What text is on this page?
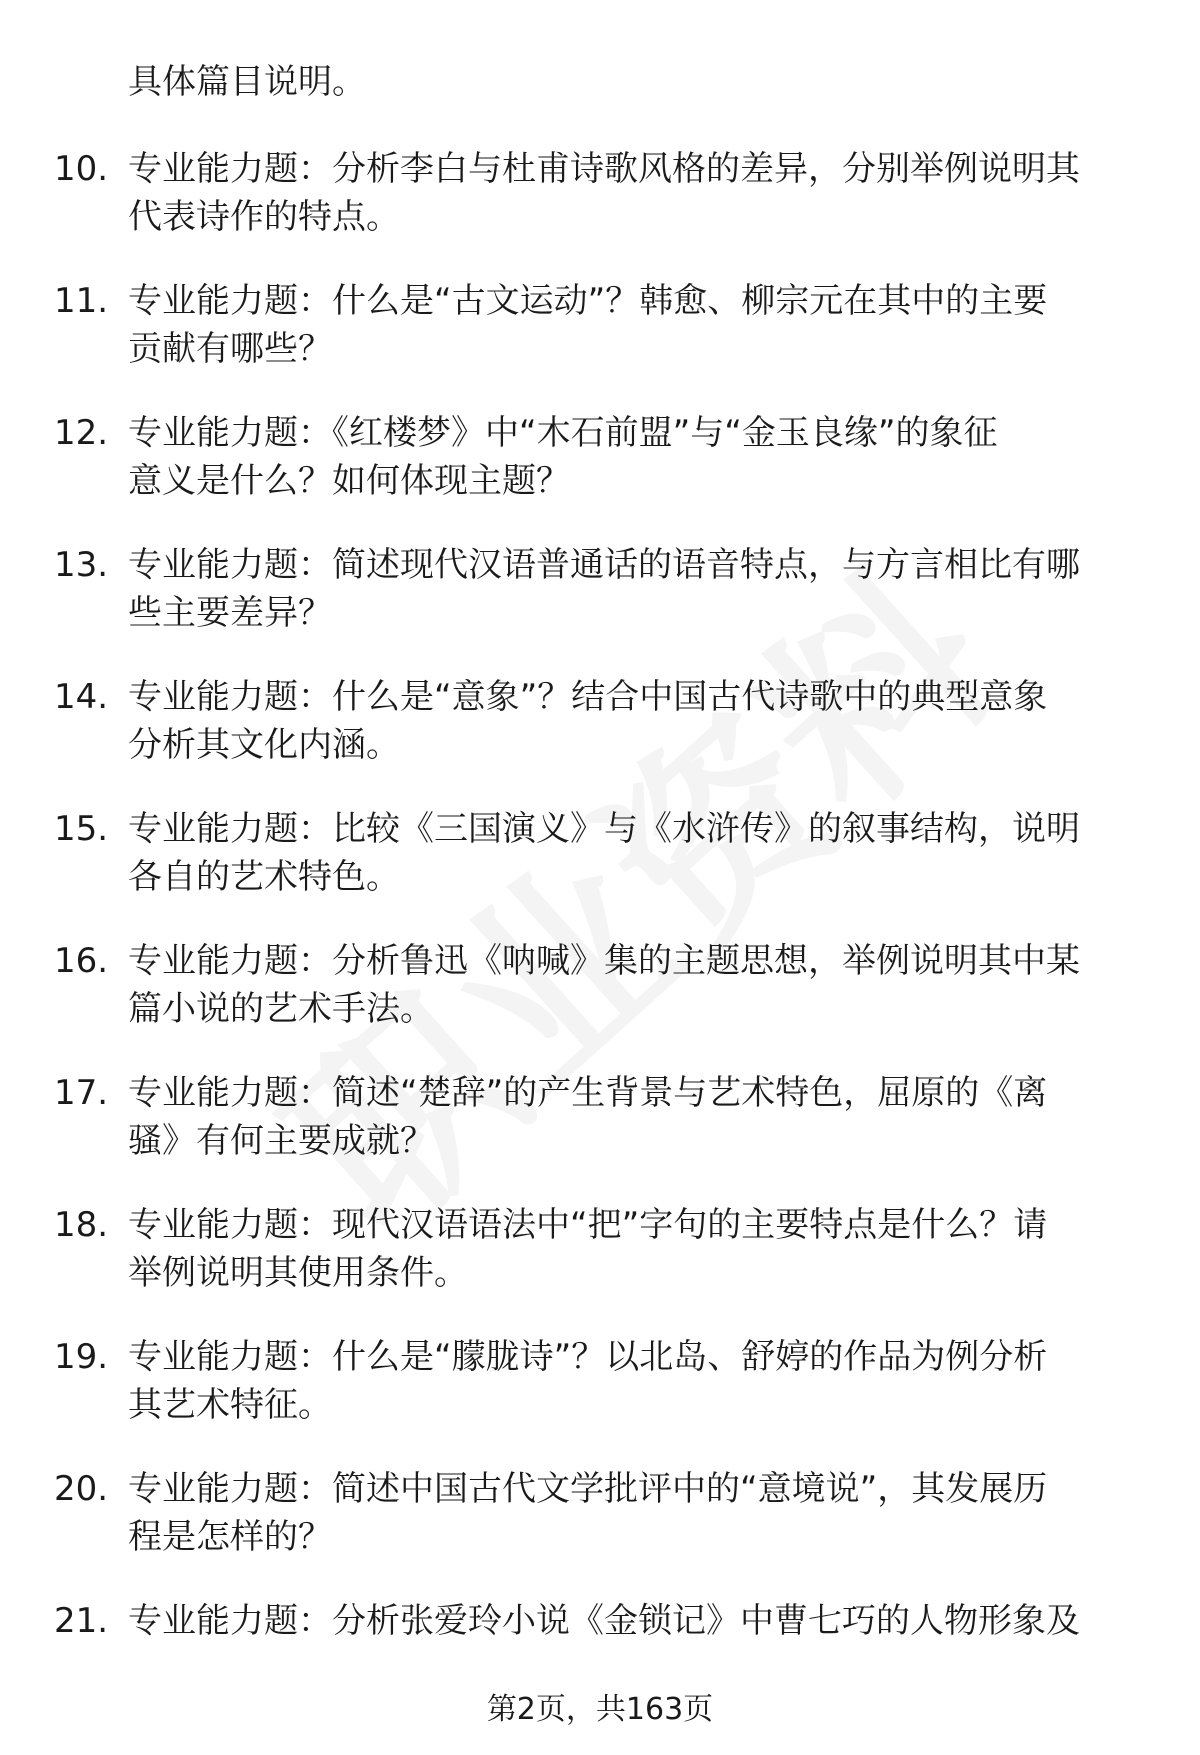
具体篇目说明。
10. 专业能力题：分析李白与杜甫诗歌风格的差异，分别举例说明其
代表诗作的特点。
11. 专业能力题：什么是“古文运动”？韩愈、柳宗元在其中的主要
贡献有哪些？
12. 专业能力题：《红楼梦》中“木石前盟”与“金玉良缘”的象征
意义是什么？如何体现主题？
13. 专业能力题：简述现代汉语普通话的语音特点，与方言相比有哪
些主要差异？
14. 专业能力题：什么是“意象”？结合中国古代诗歌中的典型意象
分析其文化内涵。
15. 专业能力题：比较《三国演义》与《水浒传》的叙事结构，说明
各自的艺术特色。
16. 专业能力题：分析鲁迅《呐喊》集的主题思想，举例说明其中某
篇小说的艺术手法。
17. 专业能力题：简述“楚辞”的产生背景与艺术特色，屈原的《离
骚》有何主要成就？
18. 专业能力题：现代汉语语法中“把”字句的主要特点是什么？请
举例说明其使用条件。
19. 专业能力题：什么是“朦胧诗”？以北岛、舒婷的作品为例分析
其艺术特征。
20. 专业能力题：简述中国古代文学批评中的“意境说”，其发展历
程是怎样的？
21. 专业能力题：分析张爱玲小说《金锁记》中曹七巧的人物形象及
第2页，共163页
